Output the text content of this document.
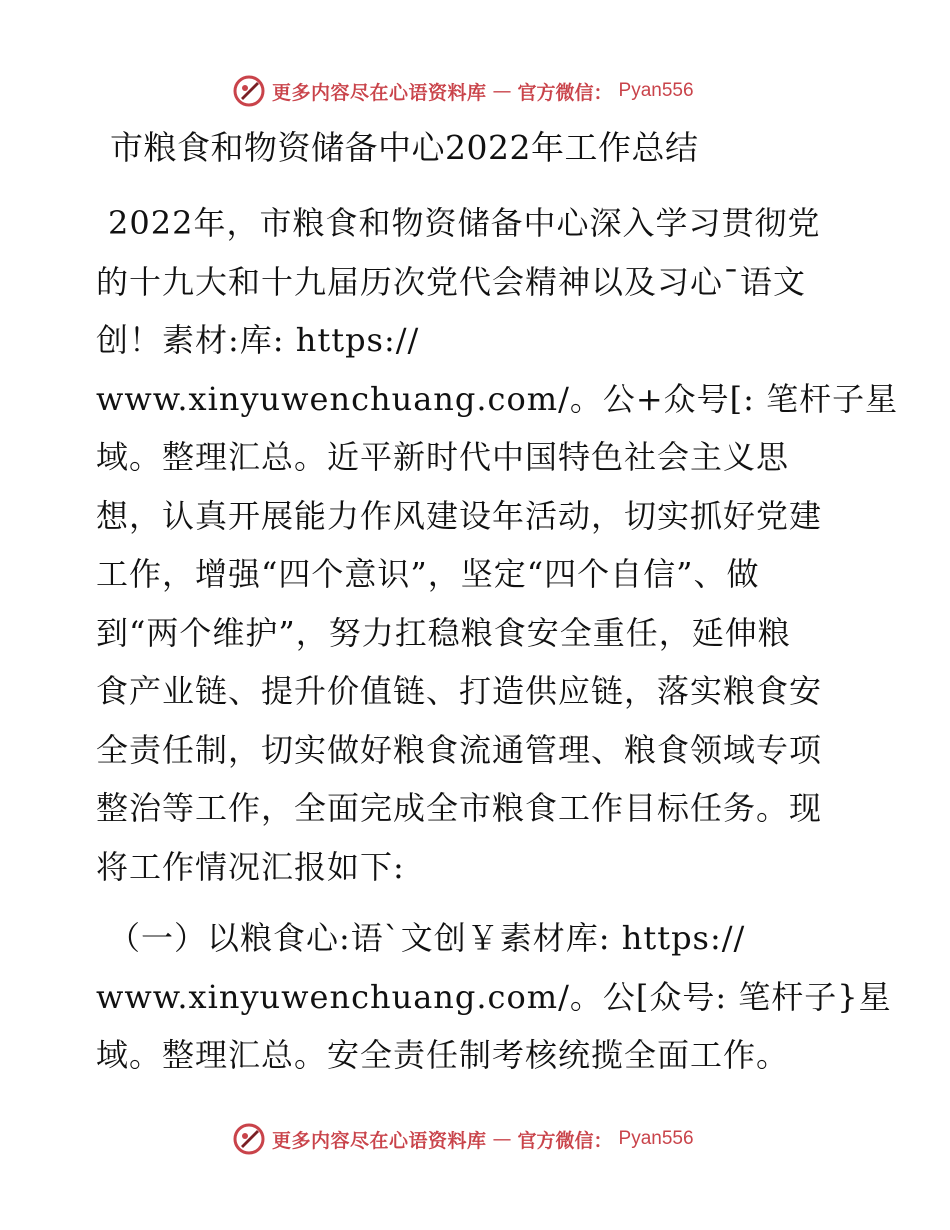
更多内容尽在心语资料库 — 官方微信： Pyan556
市粮食和物资储备中心2022年工作总结
2022年，市粮食和物资储备中心深入学习贯彻党
的十九大和十九届历次党代会精神以及习心¯语文
创！素材:库: https://
www.xinyuwenchuang.com/。公+众号[: 笔杆子星
域。整理汇总。近平新时代中国特色社会主义思
想，认真开展能力作风建设年活动，切实抓好党建
工作，增强“四个意识”，坚定“四个自信”、做
到“两个维护”，努力扛稳粮食安全重任，延伸粮
食产业链、提升价值链、打造供应链，落实粮食安
全责任制，切实做好粮食流通管理、粮食领域专项
整治等工作，全面完成全市粮食工作目标任务。现
将工作情况汇报如下:
（一）以粮食心:语`文创￥素材库: https://
www.xinyuwenchuang.com/。公[众号: 笔杆子}星
域。整理汇总。安全责任制考核统揽全面工作。
更多内容尽在心语资料库 — 官方微信： Pyan556
